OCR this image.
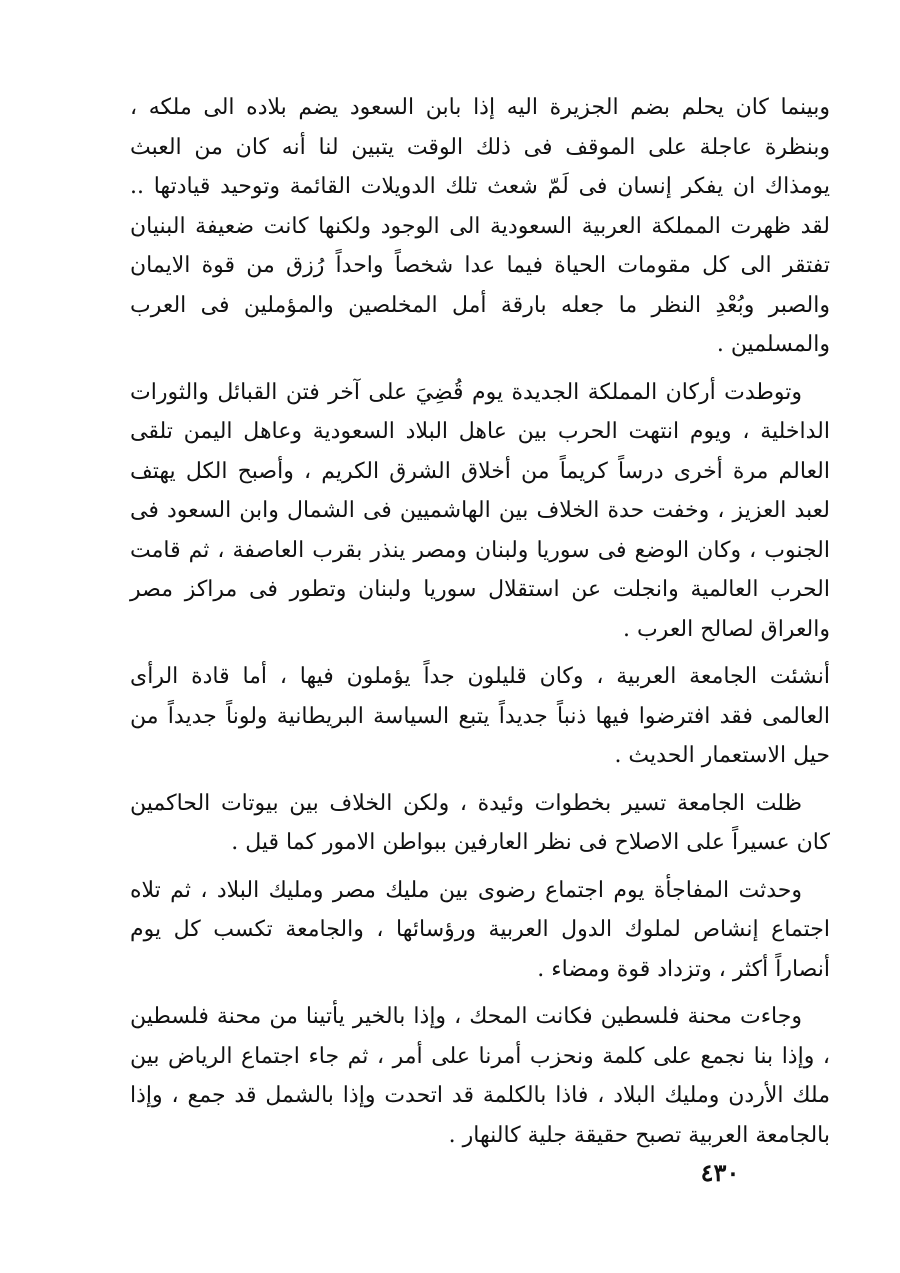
وبينما كان يحلم بضم الجزيرة اليه إذا بابن السعود يضم بلاده الى ملكه ، وبنظرة عاجلة على الموقف فى ذلك الوقت يتبين لنا أنه كان من العبث يومذاك ان يفكر إنسان فى لَمّ شعث تلك الدويلات القائمة وتوحيد قيادتها .. لقد ظهرت المملكة العربية السعودية الى الوجود ولكنها كانت ضعيفة البنيان تفتقر الى كل مقومات الحياة فيما عدا شخصاً واحداً رُزق من قوة الايمان والصبر وبُعْدِ النظر ما جعله بارقة أمل المخلصين والمؤملين فى العرب والمسلمين .

وتوطدت أركان المملكة الجديدة يوم قُضِيَ على آخر فتن القبائل والثورات الداخلية ، ويوم انتهت الحرب بين عاهل البلاد السعودية وعاهل اليمن تلقى العالم مرة أخرى درساً كريماً من أخلاق الشرق الكريم ، وأصبح الكل يهتف لعبد العزيز ، وخفت حدة الخلاف بين الهاشميين فى الشمال وابن السعود فى الجنوب ، وكان الوضع فى سوريا ولبنان ومصر ينذر بقرب العاصفة ، ثم قامت الحرب العالمية وانجلت عن استقلال سوريا ولبنان وتطور فى مراكز مصر والعراق لصالح العرب .

أنشئت الجامعة العربية ، وكان قليلون جداً يؤملون فيها ، أما قادة الرأى العالمى فقد افترضوا فيها ذنباً جديداً يتبع السياسة البريطانية ولوناً جديداً من حيل الاستعمار الحديث .

ظلت الجامعة تسير بخطوات وئيدة ، ولكن الخلاف بين بيوتات الحاكمين كان عسيراً على الاصلاح فى نظر العارفين ببواطن الامور كما قيل .

وحدثت المفاجأة يوم اجتماع رضوى بين مليك مصر ومليك البلاد ، ثم تلاه اجتماع إنشاص لملوك الدول العربية ورؤسائها ، والجامعة تكسب كل يوم أنصاراً أكثر ، وتزداد قوة ومضاء .

وجاءت محنة فلسطين فكانت المحك ، وإذا بالخير يأتينا من محنة فلسطين ، وإذا بنا نجمع على كلمة ونحزب أمرنا على أمر ، ثم جاء اجتماع الرياض بين ملك الأردن ومليك البلاد ، فاذا بالكلمة قد اتحدت وإذا بالشمل قد جمع ، وإذا بالجامعة العربية تصبح حقيقة جلية كالنهار .

٤٣٠
